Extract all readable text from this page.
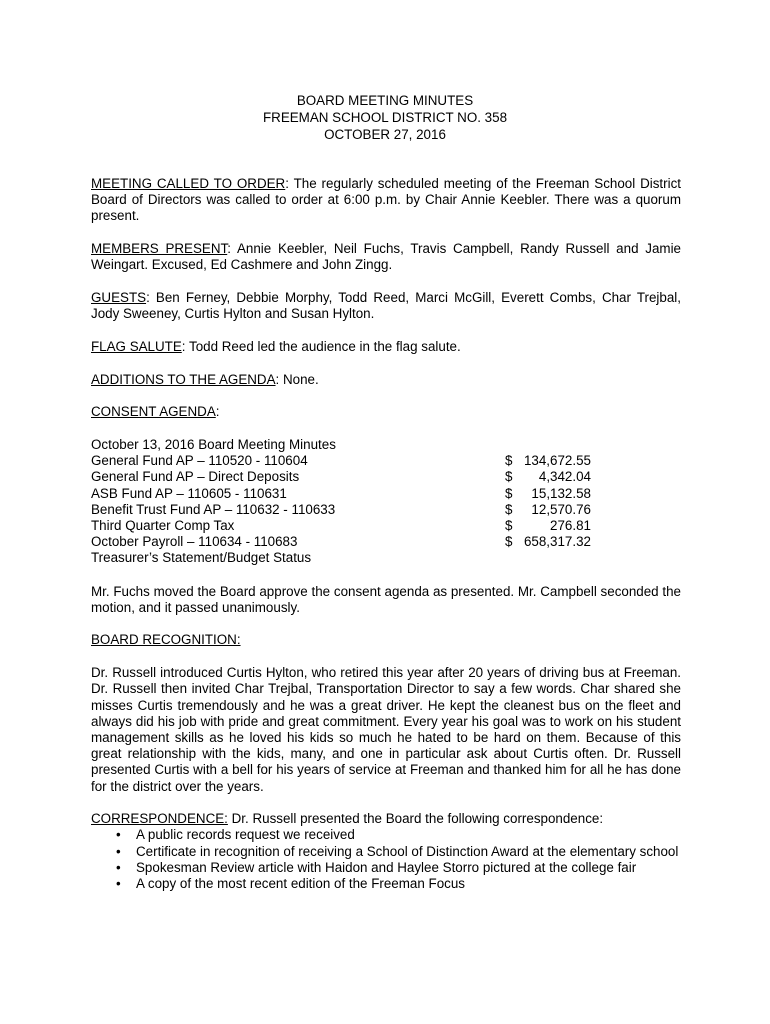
BOARD MEETING MINUTES
FREEMAN SCHOOL DISTRICT NO. 358
OCTOBER 27, 2016

MEETING CALLED TO ORDER: The regularly scheduled meeting of the Freeman School District Board of Directors was called to order at 6:00 p.m. by Chair Annie Keebler. There was a quorum present.

MEMBERS PRESENT: Annie Keebler, Neil Fuchs, Travis Campbell, Randy Russell and Jamie Weingart. Excused, Ed Cashmere and John Zingg.

GUESTS: Ben Ferney, Debbie Morphy, Todd Reed, Marci McGill, Everett Combs, Char Trejbal, Jody Sweeney, Curtis Hylton and Susan Hylton.

FLAG SALUTE: Todd Reed led the audience in the flag salute.

ADDITIONS TO THE AGENDA: None.

CONSENT AGENDA:

October 13, 2016 Board Meeting Minutes
General Fund AP – 110520 - 110604	$ 134,672.55
General Fund AP – Direct Deposits	$	4,342.04
ASB Fund AP – 110605 - 110631	$	15,132.58
Benefit Trust Fund AP – 110632 - 110633	$	12,570.76
Third Quarter Comp Tax	$	276.81
October Payroll – 110634 - 110683	$ 658,317.32
Treasurer’s Statement/Budget Status

Mr. Fuchs moved the Board approve the consent agenda as presented. Mr. Campbell seconded the motion, and it passed unanimously.

BOARD RECOGNITION:

Dr. Russell introduced Curtis Hylton, who retired this year after 20 years of driving bus at Freeman. Dr. Russell then invited Char Trejbal, Transportation Director to say a few words. Char shared she misses Curtis tremendously and he was a great driver. He kept the cleanest bus on the fleet and always did his job with pride and great commitment. Every year his goal was to work on his student management skills as he loved his kids so much he hated to be hard on them. Because of this great relationship with the kids, many, and one in particular ask about Curtis often. Dr. Russell presented Curtis with a bell for his years of service at Freeman and thanked him for all he has done for the district over the years.

CORRESPONDENCE: Dr. Russell presented the Board the following correspondence:

• A public records request we received
• Certificate in recognition of receiving a School of Distinction Award at the elementary school
• Spokesman Review article with Haidon and Haylee Storro pictured at the college fair
• A copy of the most recent edition of the Freeman Focus
